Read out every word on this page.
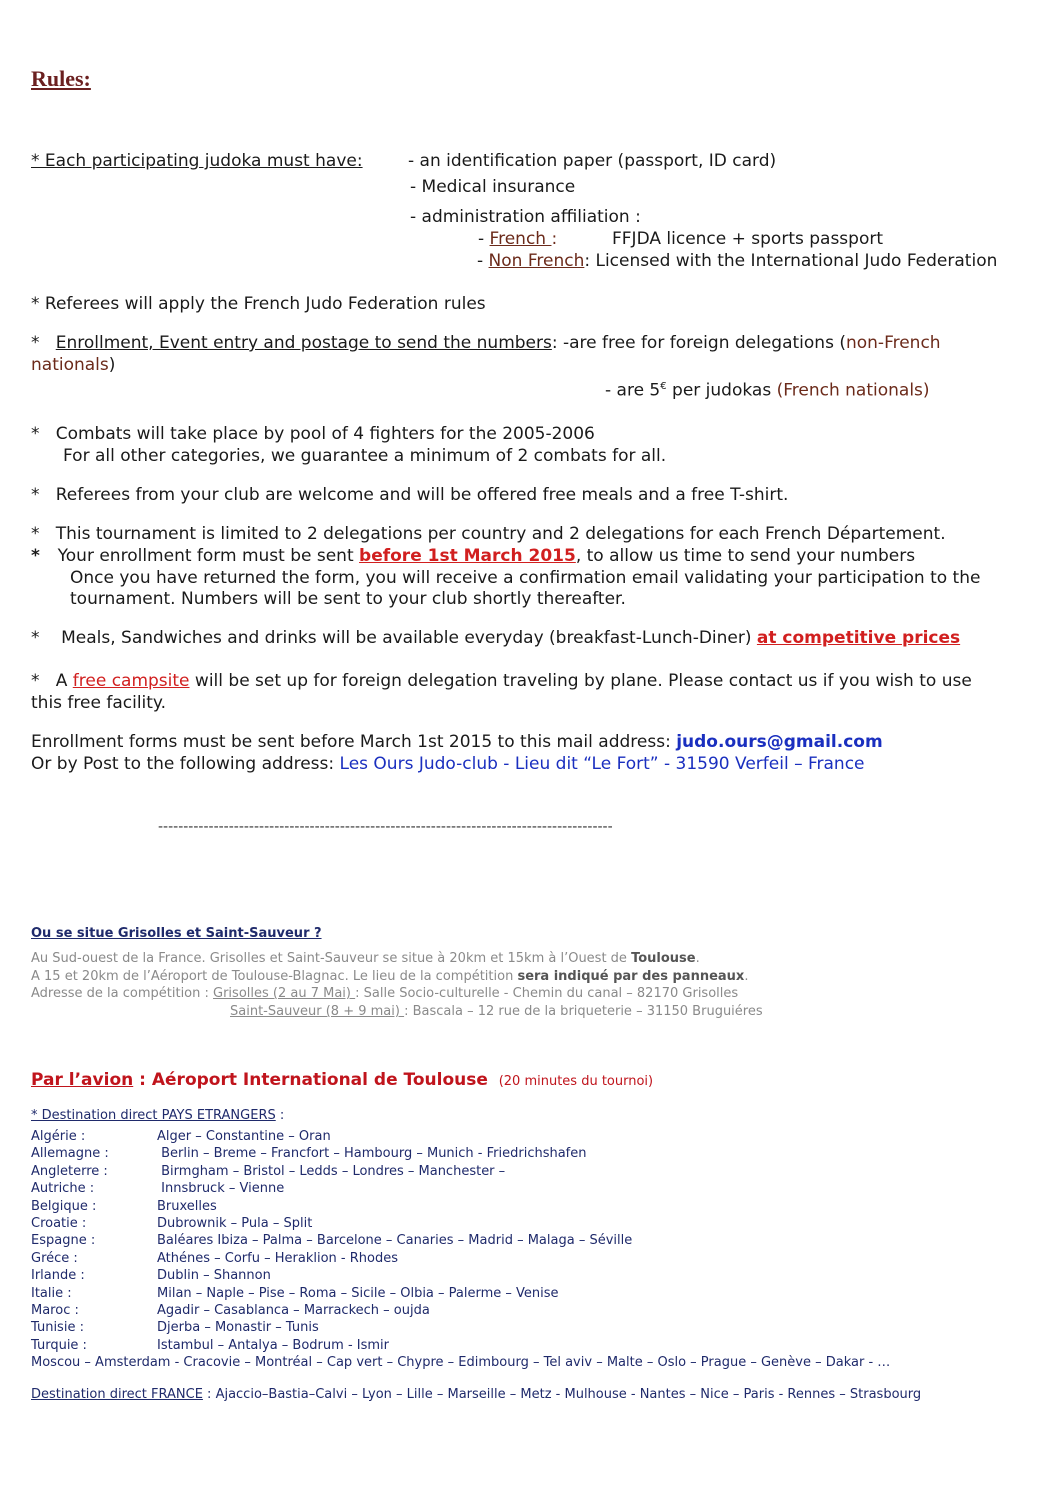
Rules:
* Each participating judoka must have:	- an identification paper (passport, ID card)
- Medical insurance
- administration affiliation :
- French :	FFJDA licence + sports passport
- Non French: Licensed with the International Judo Federation
* Referees will apply the French Judo Federation rules
*   Enrollment, Event entry and postage to send the numbers: -are free for foreign delegations (non-French
nationals)
- are 5€ per judokas (French nationals)
*   Combats will take place by pool of 4 fighters for the 2005-2006
For all other categories, we guarantee a minimum of 2 combats for all.
*   Referees from your club are welcome and will be offered free meals and a free T-shirt.
*   This tournament is limited to 2 delegations per country and 2 delegations for each French Département.
*   Your enrollment form must be sent before 1st March 2015, to allow us time to send your numbers
Once you have returned the form, you will receive a confirmation email validating your participation to the
tournament. Numbers will be sent to your club shortly thereafter.
*    Meals, Sandwiches and drinks will be available everyday (breakfast-Lunch-Diner) at competitive prices
*   A free campsite will be set up for foreign delegation traveling by plane. Please contact us if you wish to use
this free facility.
Enrollment forms must be sent before March 1st 2015 to this mail address: judo.ours@gmail.com
Or by Post to the following address: Les Ours Judo-club - Lieu dit “Le Fort” - 31590 Verfeil – France
------------------------------------------------------------------------------------------
Ou se situe Grisolles et Saint-Sauveur ?
Au Sud-ouest de la France. Grisolles et Saint-Sauveur se situe à 20km et 15km à l’Ouest de Toulouse.
A 15 et 20km de l’Aéroport de Toulouse-Blagnac. Le lieu de la compétition sera indiqué par des panneaux.
Adresse de la compétition : Grisolles (2 au 7 Mai) : Salle Socio-culturelle - Chemin du canal – 82170 Grisolles
Saint-Sauveur (8 + 9 mai) : Bascala – 12 rue de la briqueterie – 31150 Bruguiéres
Par l’avion : Aéroport International de Toulouse (20 minutes du tournoi)
* Destination direct PAYS ETRANGERS :
Algérie :	Alger – Constantine – Oran
Allemagne :	Berlin – Breme – Francfort – Hambourg – Munich - Friedrichshafen
Angleterre :	Birmgham – Bristol – Ledds – Londres – Manchester –
Autriche :	Innsbruck – Vienne
Belgique :	Bruxelles
Croatie :	Dubrownik – Pula – Split
Espagne :	Baléares Ibiza – Palma – Barcelone – Canaries – Madrid – Malaga – Séville
Gréce :	Athénes – Corfu – Heraklion - Rhodes
Irlande :	Dublin – Shannon
Italie :	Milan – Naple – Pise – Roma – Sicile – Olbia – Palerme – Venise
Maroc :	Agadir – Casablanca – Marrackech – oujda
Tunisie :	Djerba – Monastir – Tunis
Turquie :	Istambul – Antalya – Bodrum - Ismir
Moscou – Amsterdam - Cracovie – Montréal – Cap vert – Chypre – Edimbourg – Tel aviv – Malte – Oslo – Prague – Genève – Dakar - …
Destination direct FRANCE : Ajaccio–Bastia–Calvi – Lyon – Lille – Marseille – Metz - Mulhouse - Nantes – Nice – Paris - Rennes – Strasbourg
